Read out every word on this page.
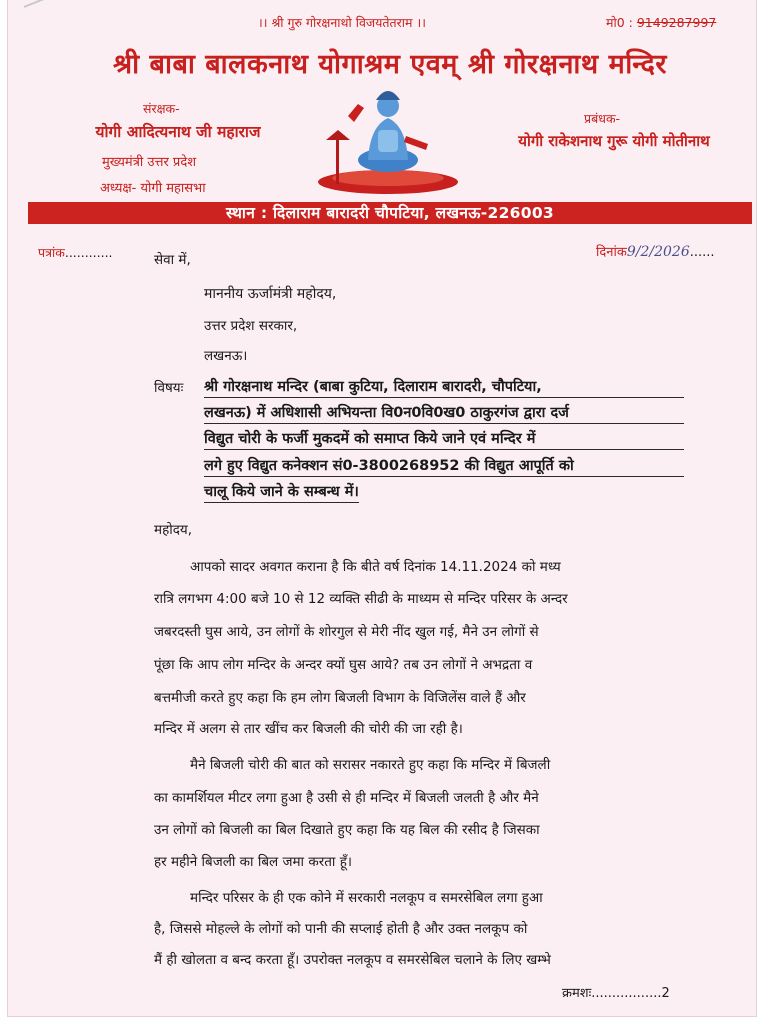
।। श्री गुरु गोरक्षनाथो विजयतेतराम ।।	मो0 : 9149287997
श्री बाबा बालकनाथ योगाश्रम एवम् श्री गोरक्षनाथ मन्दिर
संरक्षक-
योगी आदित्यनाथ जी महाराज
मुख्यमंत्री उत्तर प्रदेश
अध्यक्ष- योगी महासभा
प्रबंधक-
योगी राकेशनाथ गुरू योगी मोतीनाथ
स्थान : दिलाराम बारादरी चौपटिया, लखनऊ-226003
पत्रांक............	सेवा में,	दिनांक9/2/2026......
माननीय ऊर्जामंत्री महोदय,
उत्तर प्रदेश सरकार,
लखनऊ।
विषयः श्री गोरक्षनाथ मन्दिर (बाबा कुटिया, दिलाराम बारादरी, चौपटिया,
लखनऊ) में अधिशासी अभियन्ता वि0न0वि0ख0 ठाकुरगंज द्वारा दर्ज
विद्युत चोरी के फर्जी मुकदमें को समाप्त किये जाने एवं मन्दिर में
लगे हुए विद्युत कनेक्शन सं0-3800268952 की विद्युत आपूर्ति को
चालू किये जाने के सम्बन्ध में।
महोदय,
आपको सादर अवगत कराना है कि बीते वर्ष दिनांक 14.11.2024 को मध्य
रात्रि लगभग 4:00 बजे 10 से 12 व्यक्ति सीढी के माध्यम से मन्दिर परिसर के अन्दर
जबरदस्ती घुस आये, उन लोगों के शोरगुल से मेरी नींद खुल गई, मैने उन लोगों से
पूंछा कि आप लोग मन्दिर के अन्दर क्यों घुस आये? तब उन लोगों ने अभद्रता व
बत्तमीजी करते हुए कहा कि हम लोग बिजली विभाग के विजिलेंस वाले हैं और
मन्दिर में अलग से तार खींच कर बिजली की चोरी की जा रही है।
मैने बिजली चोरी की बात को सरासर नकारते हुए कहा कि मन्दिर में बिजली
का कामर्शियल मीटर लगा हुआ है उसी से ही मन्दिर में बिजली जलती है और मैने
उन लोगों को बिजली का बिल दिखाते हुए कहा कि यह बिल की रसीद है जिसका
हर महीने बिजली का बिल जमा करता हूँ।
मन्दिर परिसर के ही एक कोने में सरकारी नलकूप व समरसेबिल लगा हुआ
है, जिससे मोहल्ले के लोगों को पानी की सप्लाई होती है और उक्त नलकूप को
मैं ही खोलता व बन्द करता हूँ। उपरोक्त नलकूप व समरसेबिल चलाने के लिए खम्भे
क्रमशः.................2
